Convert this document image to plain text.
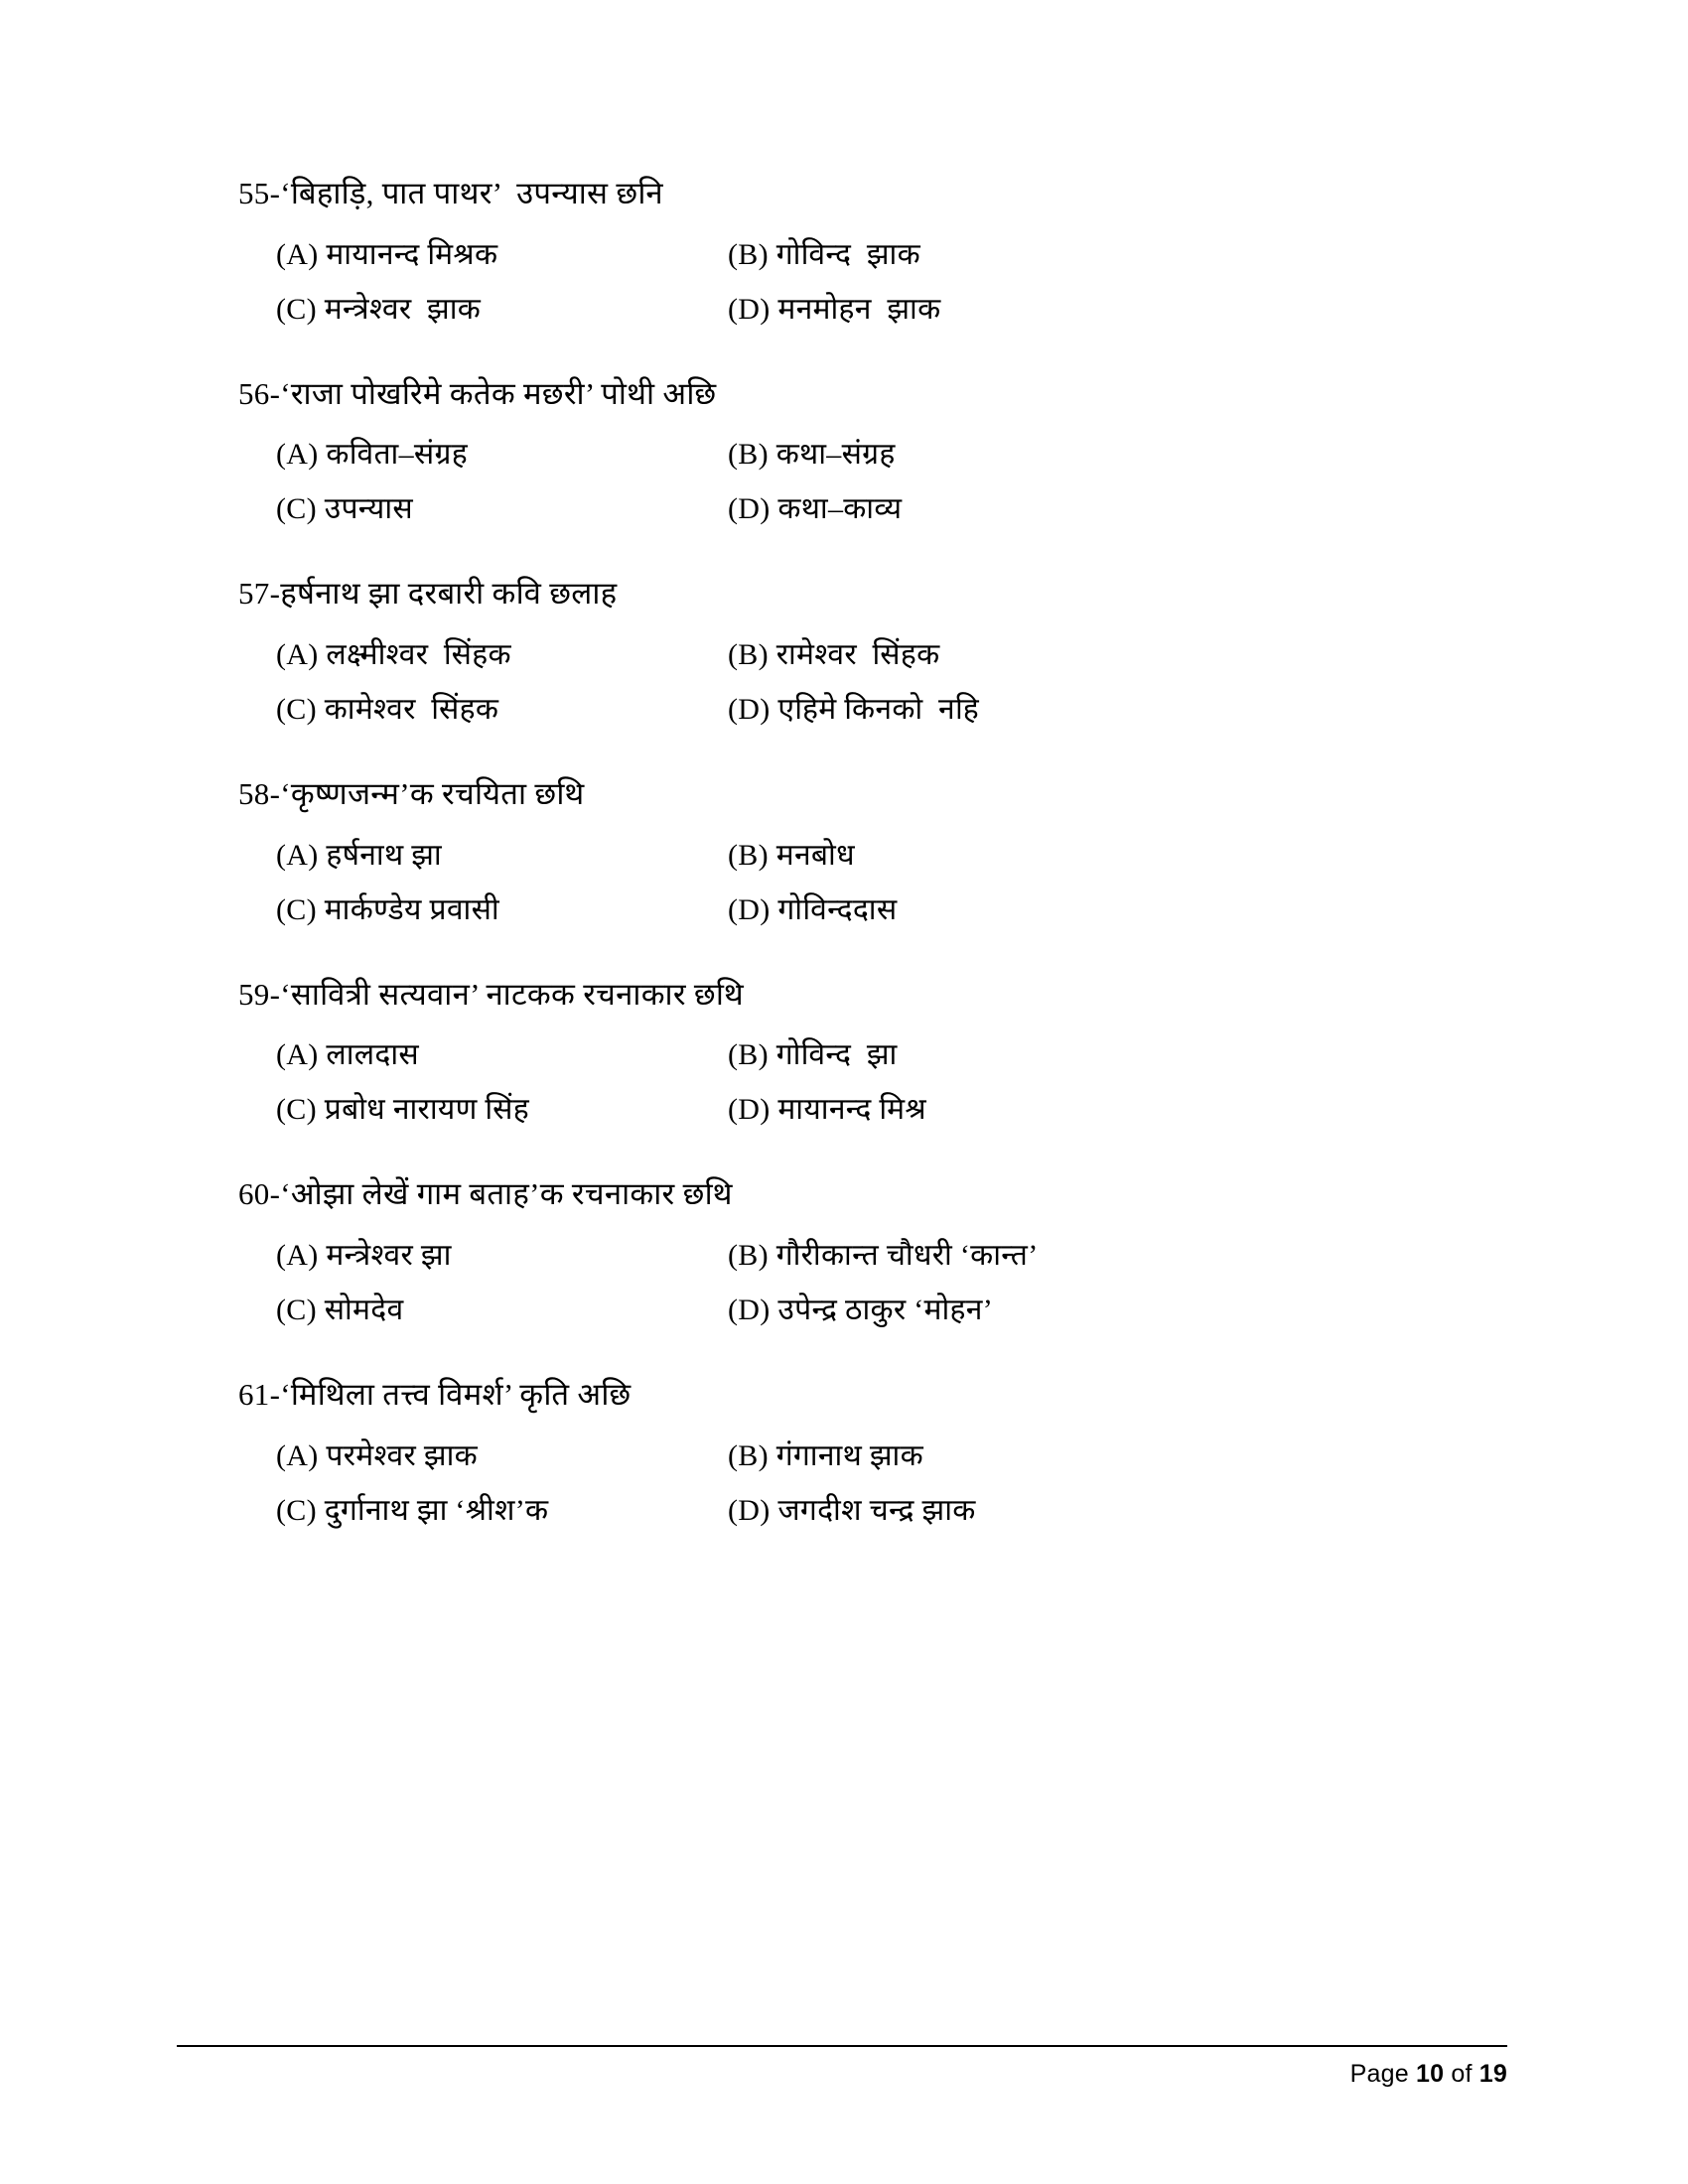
55-‘बिहाड़ि, पात पाथर’  उपन्यास छनि
(A) मायानन्द मिश्रक	(B) गोविन्द  झाक
(C) मन्त्रेश्वर  झाक	(D) मनमोहन  झाक
56-‘राजा पोखरिमे कतेक मछरी’ पोथी अछि
(A) कविता–संग्रह	(B) कथा–संग्रह
(C) उपन्यास	(D) कथा–काव्य
57-हर्षनाथ झा दरबारी कवि छलाह
(A) लक्ष्मीश्वर  सिंहक	(B) रामेश्वर  सिंहक
(C) कामेश्वर  सिंहक	(D) एहिमे किनको  नहि
58-‘कृष्णजन्म’क रचयिता छथि
(A) हर्षनाथ झा	(B) मनबोध
(C) मार्कण्डेय प्रवासी	(D) गोविन्ददास
59-‘सावित्री सत्यवान’ नाटकक रचनाकार छथि
(A) लालदास	(B) गोविन्द  झा
(C) प्रबोध नारायण सिंह	(D) मायानन्द मिश्र
60-‘ओझा लेखें गाम बताह’क रचनाकार छथि
(A) मन्त्रेश्वर झा	(B) गौरीकान्त चौधरी ‘कान्त’
(C) सोमदेव	(D) उपेन्द्र ठाकुर ‘मोहन’
61-‘मिथिला तत्त्व विमर्श’ कृति अछि
(A) परमेश्वर झाक	(B) गंगानाथ झाक
(C) दुर्गानाथ झा ‘श्रीश’क	(D) जगदीश चन्द्र झाक
Page 10 of 19
